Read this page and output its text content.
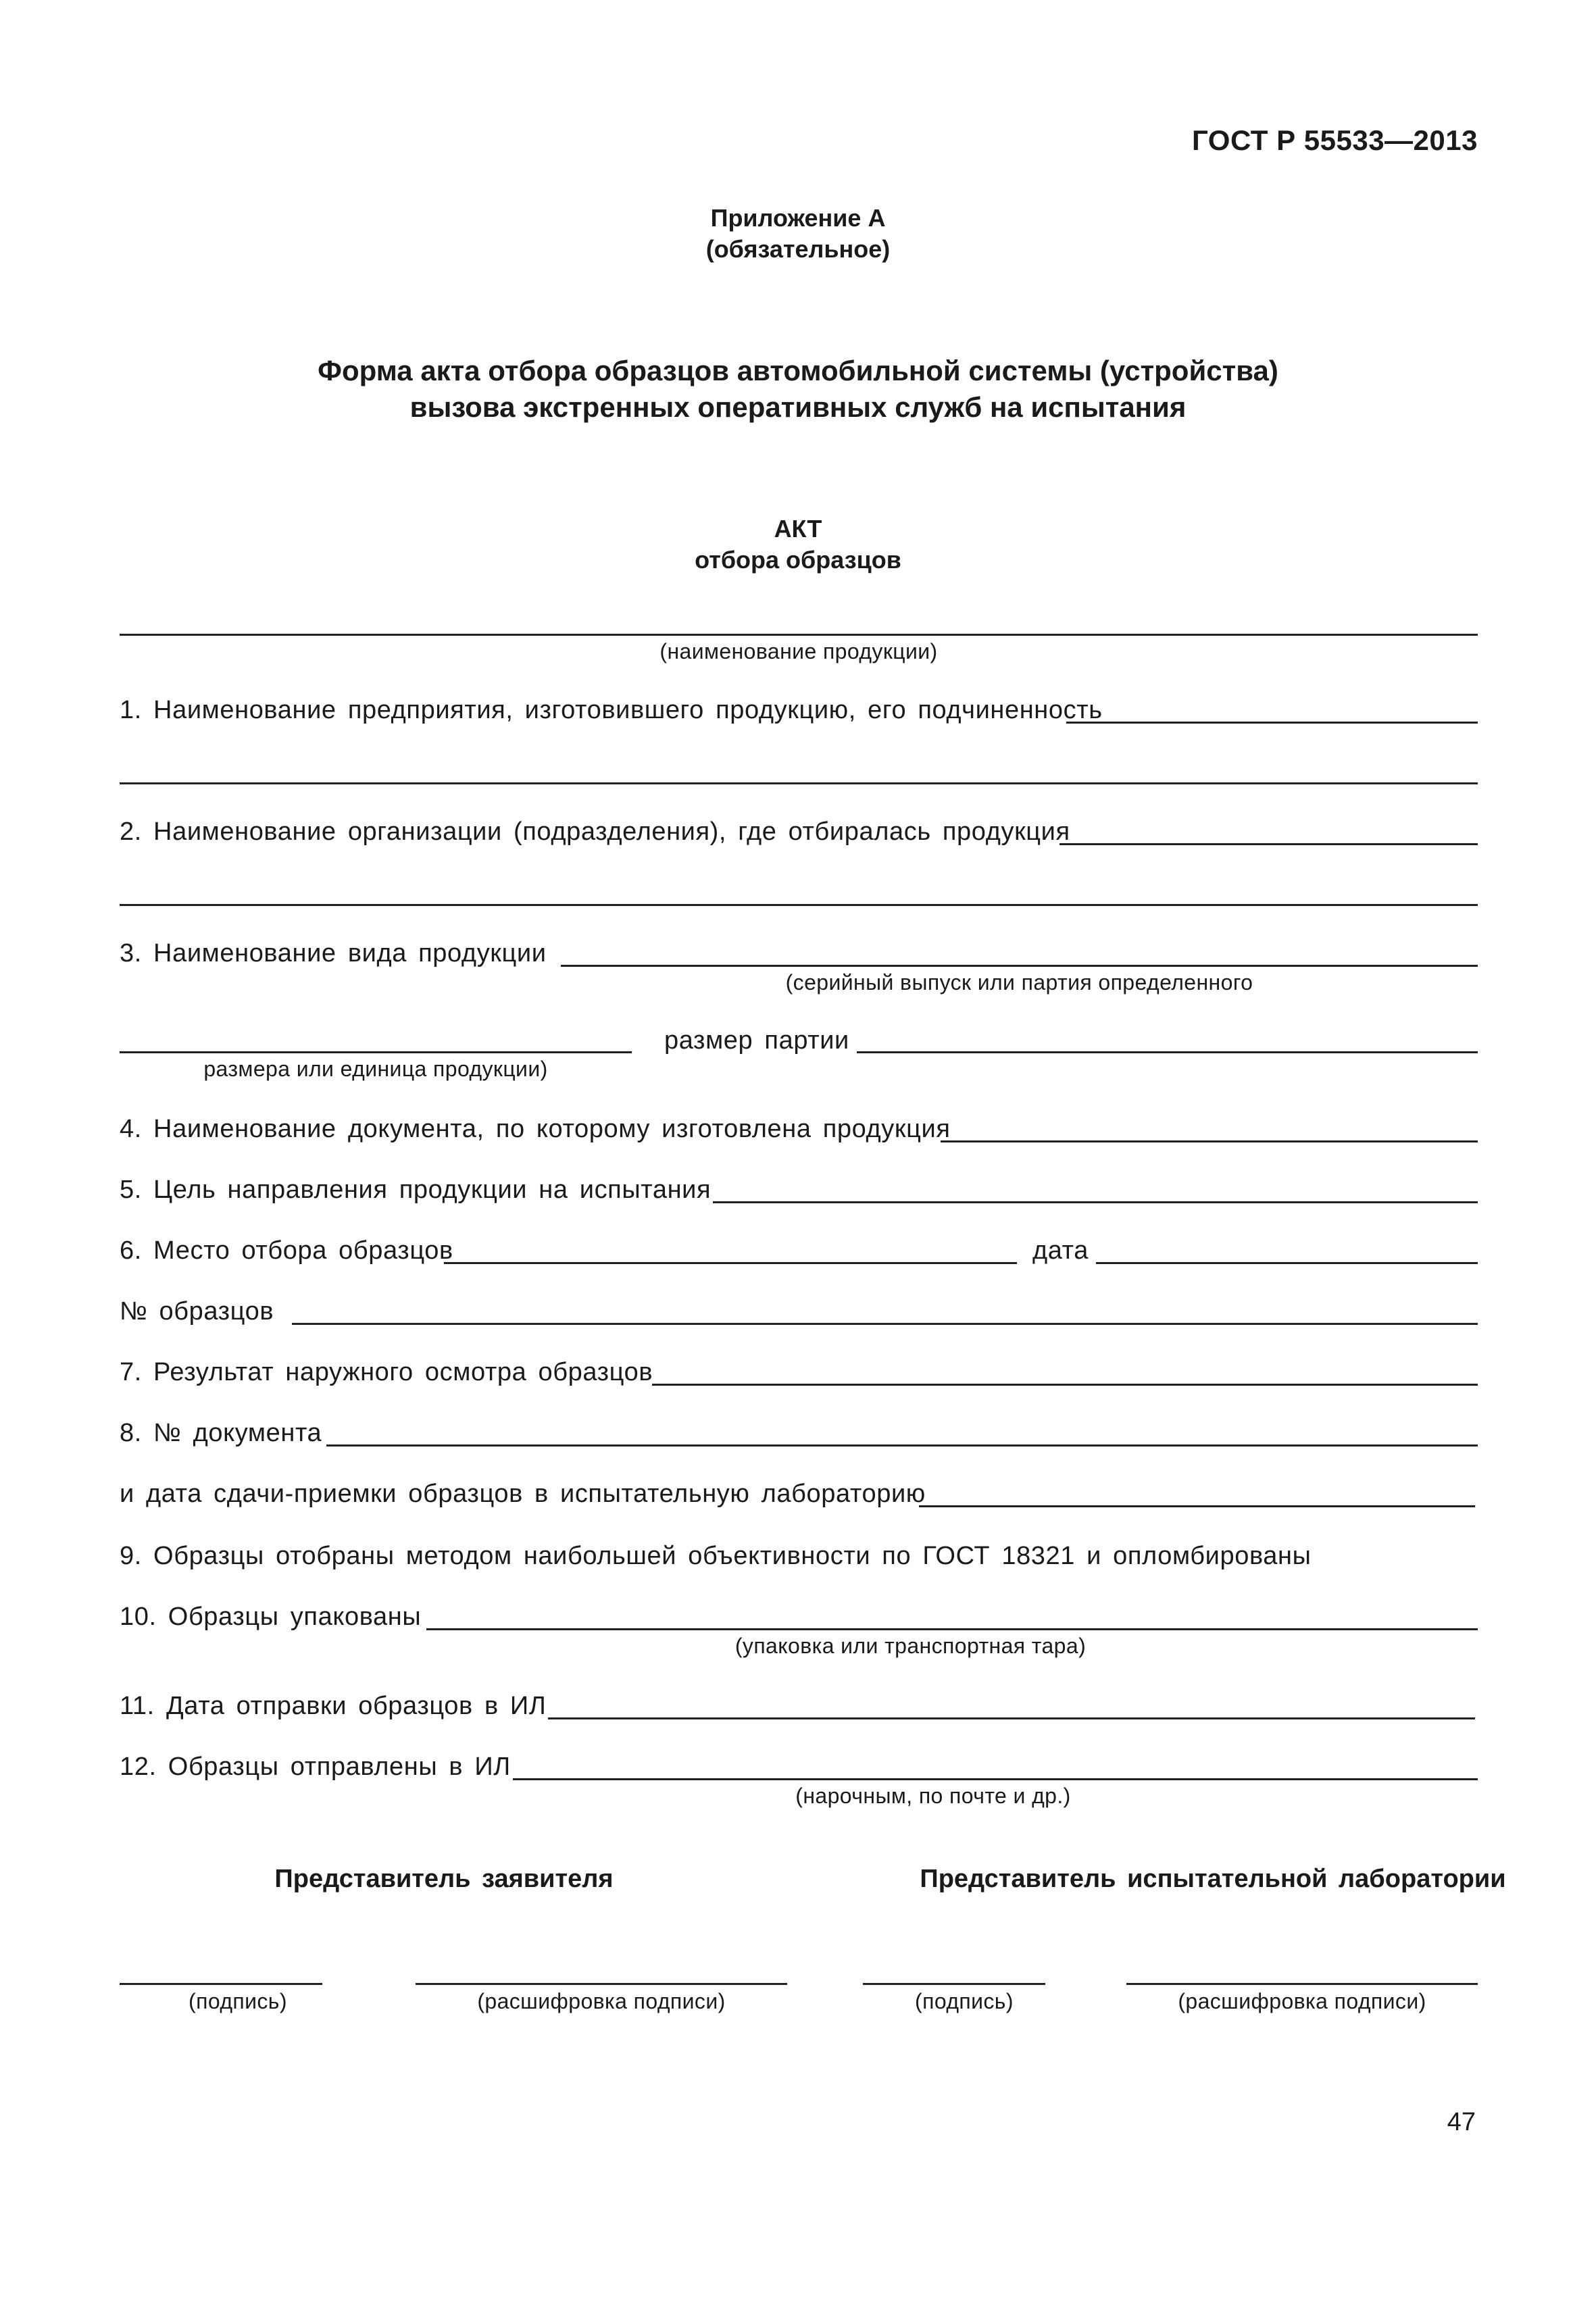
ГОСТ Р 55533—2013
Приложение А
(обязательное)
Форма акта отбора образцов автомобильной системы (устройства)
вызова экстренных оперативных служб на испытания
АКТ
отбора образцов
(наименование продукции)
1. Наименование предприятия, изготовившего продукцию, его подчиненность
2. Наименование организации (подразделения), где отбиралась продукция
3. Наименование вида продукции
(серийный выпуск или партия определенного
размер партии
размера или единица продукции)
4. Наименование документа, по которому изготовлена продукция
5. Цель направления продукции на испытания
6. Место отбора образцов	дата
№ образцов
7. Результат наружного осмотра образцов
8. № документа
и дата сдачи-приемки образцов в испытательную лабораторию
9. Образцы отобраны методом наибольшей объективности по ГОСТ 18321 и опломбированы
10. Образцы упакованы
(упаковка или транспортная тара)
11. Дата отправки образцов в ИЛ
12. Образцы отправлены в ИЛ
(нарочным, по почте и др.)
Представитель заявителя	Представитель испытательной лаборатории
(подпись)	(расшифровка подписи)	(подпись)	(расшифровка подписи)
47
